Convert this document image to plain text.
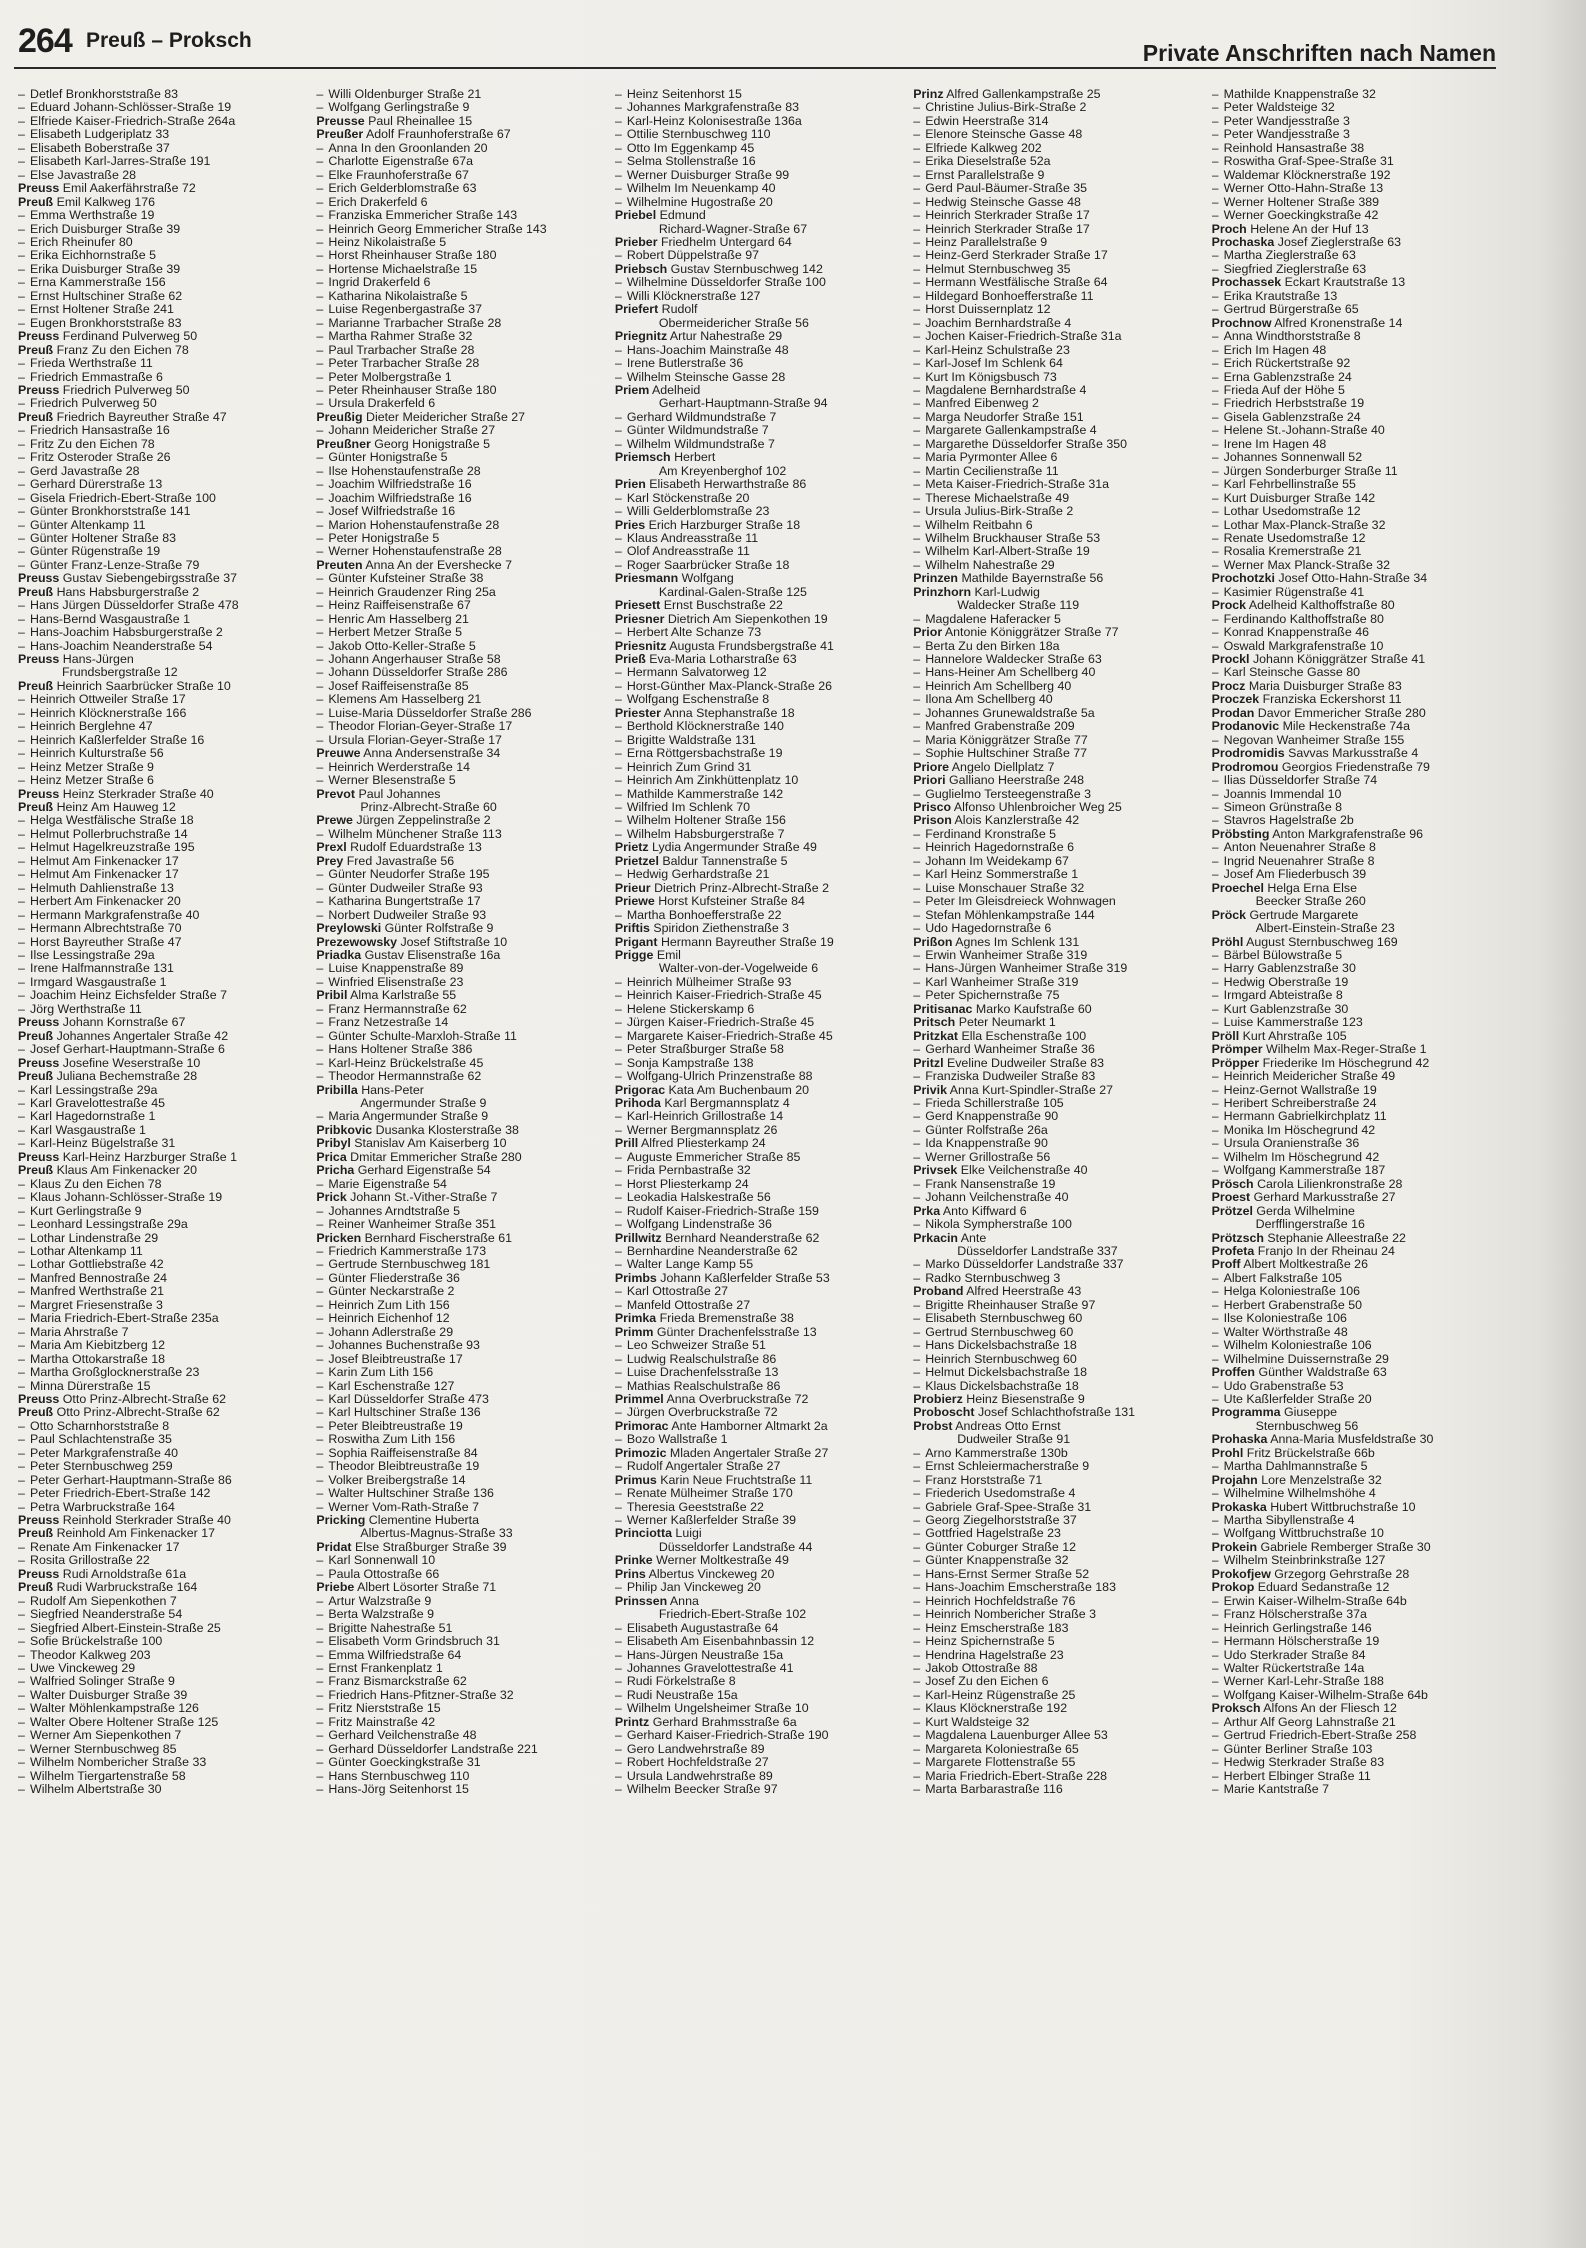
264 Preuß – Proksch	Private Anschriften nach Namen
– Detlef Bronkhorststraße 83
– Eduard Johann-Schlösser-Straße 19
– Elfriede Kaiser-Friedrich-Straße 264a
– Elisabeth Ludgeriplatz 33
– Elisabeth Boberstraße 37
– Elisabeth Karl-Jarres-Straße 191
– Else Javastraße 28
Preuss Emil Aakerfährstraße 72
Preuß Emil Kalkweg 176
– Emma Werthstraße 19
– Erich Duisburger Straße 39
– Erich Rheinufer 80
– Erika Eichhornstraße 5
– Erika Duisburger Straße 39
– Erna Kammerstraße 156
– Ernst Hultschiner Straße 62
– Ernst Holtener Straße 241
– Eugen Bronkhorststraße 83
Preuss Ferdinand Pulverweg 50
Preuß Franz Zu den Eichen 78
– Frieda Werthstraße 11
– Friedrich Emmastraße 6
Preuss Friedrich Pulverweg 50
– Friedrich Pulverweg 50
Preuß Friedrich Bayreuther Straße 47
– Friedrich Hansastraße 16
– Fritz Zu den Eichen 78
– Fritz Osteroder Straße 26
– Gerd Javastraße 28
– Gerhard Dürerstraße 13
– Gisela Friedrich-Ebert-Straße 100
– Günter Bronkhorststraße 141
– Günter Altenkamp 11
– Günter Holtener Straße 83
– Günter Rügenstraße 19
– Günter Franz-Lenze-Straße 79
Preuss Gustav Siebengebirgsstraße 37
Preuß Hans Habsburgerstraße 2
– Hans Jürgen Düsseldorfer Straße 478
– Hans-Bernd Wasgaustraße 1
– Hans-Joachim Habsburgerstraße 2
– Hans-Joachim Neanderstraße 54
Preuss Hans-Jürgen
Frundsbergstraße 12
Preuß Heinrich Saarbrücker Straße 10
– Heinrich Ottweiler Straße 17
– Heinrich Klöcknerstraße 166
– Heinrich Berglehne 47
– Heinrich Kaßlerfelder Straße 16
– Heinrich Kulturstraße 56
– Heinz Metzer Straße 9
– Heinz Metzer Straße 6
Preuss Heinz Sterkrader Straße 40
Preuß Heinz Am Hauweg 12
– Helga Westfälische Straße 18
– Helmut Pollerbruchstraße 14
– Helmut Hagelkreuzstraße 195
– Helmut Am Finkenacker 17
– Helmut Am Finkenacker 17
– Helmuth Dahlienstraße 13
– Herbert Am Finkenacker 20
– Hermann Markgrafenstraße 40
– Hermann Albrechtstraße 70
– Horst Bayreuther Straße 47
– Ilse Lessingstraße 29a
– Irene Halfmannstraße 131
– Irmgard Wasgaustraße 1
– Joachim Heinz Eichsfelder Straße 7
– Jörg Werthstraße 11
Preuss Johann Kornstraße 67
Preuß Johannes Angertaler Straße 42
– Josef Gerhart-Hauptmann-Straße 6
Preuss Josefine Weserstraße 10
Preuß Juliana Bechemstraße 28
– Karl Lessingstraße 29a
– Karl Gravelottestraße 45
– Karl Hagedornstraße 1
– Karl Wasgaustraße 1
– Karl-Heinz Bügelstraße 31
Preuss Karl-Heinz Harzburger Straße 1
Preuß Klaus Am Finkenacker 20
– Klaus Zu den Eichen 78
– Klaus Johann-Schlösser-Straße 19
– Kurt Gerlingstraße 9
– Leonhard Lessingstraße 29a
– Lothar Lindenstraße 29
– Lothar Altenkamp 11
– Lothar Gottliebstraße 42
– Manfred Bennostraße 24
– Manfred Werthstraße 21
– Margret Friesenstraße 3
– Maria Friedrich-Ebert-Straße 235a
– Maria Ahrstraße 7
– Maria Am Kiebitzberg 12
– Martha Ottokarstraße 18
– Martha Großglocknerstraße 23
– Minna Dürerstraße 15
Preuss Otto Prinz-Albrecht-Straße 62
Preuß Otto Prinz-Albrecht-Straße 62
– Otto Scharnhorststraße 8
– Paul Schlachtenstraße 35
– Peter Markgrafenstraße 40
– Peter Sternbuschweg 259
– Peter Gerhart-Hauptmann-Straße 86
– Peter Friedrich-Ebert-Straße 142
– Petra Warbruckstraße 164
Preuss Reinhold Sterkrader Straße 40
Preuß Reinhold Am Finkenacker 17
– Renate Am Finkenacker 17
– Rosita Grillostraße 22
Preuss Rudi Arnoldstraße 61a
Preuß Rudi Warbruckstraße 164
– Rudolf Am Siepenkothen 7
– Siegfried Neanderstraße 54
– Siegfried Albert-Einstein-Straße 25
– Sofie Brückelstraße 100
– Theodor Kalkweg 203
– Uwe Vinckeweg 29
– Walfried Solinger Straße 9
– Walter Duisburger Straße 39
– Walter Möhlenkampstraße 126
– Walter Obere Holtener Straße 125
– Werner Am Siepenkothen 7
– Werner Sternbuschweg 85
– Wilhelm Nombericher Straße 33
– Wilhelm Tiergartenstraße 58
– Wilhelm Albertstraße 30
– Willi Oldenburger Straße 21
– Wolfgang Gerlingstraße 9
Preusse Paul Rheinallee 15
Preußer Adolf Fraunhoferstraße 67
– Anna In den Groonlanden 20
– Charlotte Eigenstraße 67a
– Elke Fraunhoferstraße 67
– Erich Gelderblomstraße 63
– Erich Drakerfeld 6
– Franziska Emmericher Straße 143
– Heinrich Georg Emmericher Straße 143
– Heinz Nikolaistraße 5
– Horst Rheinhauser Straße 180
– Hortense Michaelstraße 15
– Ingrid Drakerfeld 6
– Katharina Nikolaistraße 5
– Luise Regenbergastraße 37
– Marianne Trarbacher Straße 28
– Martha Rahmer Straße 32
– Paul Trarbacher Straße 28
– Peter Trarbacher Straße 28
– Peter Molbergstraße 1
– Peter Rheinhauser Straße 180
– Ursula Drakerfeld 6
Preußig Dieter Meidericher Straße 27
– Johann Meidericher Straße 27
Preußner Georg Honigstraße 5
– Günter Honigstraße 5
– Ilse Hohenstaufenstraße 28
– Joachim Wilfriedstraße 16
– Joachim Wilfriedstraße 16
– Josef Wilfriedstraße 16
– Marion Hohenstaufenstraße 28
– Peter Honigstraße 5
– Werner Hohenstaufenstraße 28
Preuten Anna An der Evershecke 7
– Günter Kufsteiner Straße 38
– Heinrich Graudenzer Ring 25a
– Heinz Raiffeisenstraße 67
– Henric Am Hasselberg 21
– Herbert Metzer Straße 5
– Jakob Otto-Keller-Straße 5
– Johann Angerhauser Straße 58
– Johann Düsseldorfer Straße 286
– Josef Raiffeisenstraße 85
– Klemens Am Hasselberg 21
– Luise-Maria Düsseldorfer Straße 286
– Theodor Florian-Geyer-Straße 17
– Ursula Florian-Geyer-Straße 17
Preuwe Anna Andersenstraße 34
– Heinrich Werderstraße 14
– Werner Blesenstraße 5
Prevot Paul Johannes
Prinz-Albrecht-Straße 60
Prewe Jürgen Zeppelinstraße 2
– Wilhelm Münchener Straße 113
Prexl Rudolf Eduardstraße 13
Prey Fred Javastraße 56
– Günter Neudorfer Straße 195
– Günter Dudweiler Straße 93
– Katharina Bungertstraße 17
– Norbert Dudweiler Straße 93
Preylowski Günter Rolfstraße 9
Prezewowsky Josef Stiftstraße 10
Priadka Gustav Elisenstraße 16a
– Luise Knappenstraße 89
– Winfried Elisenstraße 23
Pribil Alma Karlstraße 55
– Franz Hermannstraße 62
– Franz Netzestraße 14
– Günter Schulte-Marxloh-Straße 11
– Hans Holtener Straße 386
– Karl-Heinz Brückelstraße 45
– Theodor Hermannstraße 62
Pribilla Hans-Peter
Angermunder Straße 9
– Maria Angermunder Straße 9
Pribkovic Dusanka Klosterstraße 38
Pribyl Stanislav Am Kaiserberg 10
Prica Dmitar Emmericher Straße 280
Pricha Gerhard Eigenstraße 54
– Marie Eigenstraße 54
Prick Johann St.-Vither-Straße 7
– Johannes Arndtstraße 5
– Reiner Wanheimer Straße 351
Pricken Bernhard Fischerstraße 61
– Friedrich Kammerstraße 173
– Gertrude Sternbuschweg 181
– Günter Fliederstraße 36
– Günter Neckarstraße 2
– Heinrich Zum Lith 156
– Heinrich Eichenhof 12
– Johann Adlerstraße 29
– Johannes Buchenstraße 93
– Josef Bleibtreustraße 17
– Karin Zum Lith 156
– Karl Eschenstraße 127
– Karl Düsseldorfer Straße 473
– Karl Hultschiner Straße 136
– Peter Bleibtreustraße 19
– Roswitha Zum Lith 156
– Sophia Raiffeisenstraße 84
– Theodor Bleibtreustraße 19
– Volker Breibergstraße 14
– Walter Hultschiner Straße 136
– Werner Vom-Rath-Straße 7
Pricking Clementine Huberta
Albertus-Magnus-Straße 33
Pridat Else Straßburger Straße 39
– Karl Sonnenwall 10
– Paula Ottostraße 66
Priebe Albert Lösorter Straße 71
– Artur Walzstraße 9
– Berta Walzstraße 9
– Brigitte Nahestraße 51
– Elisabeth Vorm Grindsbruch 31
– Emma Wilfriedstraße 64
– Ernst Frankenplatz 1
– Franz Bismarckstraße 62
– Friedrich Hans-Pfitzner-Straße 32
– Fritz Nierststraße 15
– Fritz Mainstraße 42
– Gerhard Veilchenstraße 48
– Gerhard Düsseldorfer Landstraße 221
– Günter Goeckingkstraße 31
– Hans Sternbuschweg 110
– Hans-Jörg Seitenhorst 15
– Heinz Seitenhorst 15
– Johannes Markgrafenstraße 83
– Karl-Heinz Kolonisestraße 136a
– Ottilie Sternbuschweg 110
– Otto Im Eggenkamp 45
– Selma Stollenstraße 16
– Werner Duisburger Straße 99
– Wilhelm Im Neuenkamp 40
– Wilhelmine Hugostraße 20
Priebel Edmund
Richard-Wagner-Straße 67
Prieber Friedhelm Untergard 64
– Robert Düppelstraße 97
Priebsch Gustav Sternbuschweg 142
– Wilhelmine Düsseldorfer Straße 100
– Willi Klöcknerstraße 127
Priefert Rudolf
Obermeidericher Straße 56
Priegnitz Artur Nahestraße 29
– Hans-Joachim Mainstraße 48
– Irene Butlerstraße 36
– Wilhelm Steinsche Gasse 28
Priem Adelheid
Gerhart-Hauptmann-Straße 94
– Gerhard Wildmundstraße 7
– Günter Wildmundstraße 7
– Wilhelm Wildmundstraße 7
Priemsch Herbert
Am Kreyenberghof 102
Prien Elisabeth Herwarthstraße 86
– Karl Stöckenstraße 20
– Willi Gelderblomstraße 23
Pries Erich Harzburger Straße 18
– Klaus Andreasstraße 11
– Olof Andreasstraße 11
– Roger Saarbrücker Straße 18
Priesmann Wolfgang
Kardinal-Galen-Straße 125
Priesett Ernst Buschstraße 22
Priesner Dietrich Am Siepenkothen 19
– Herbert Alte Schanze 73
Priesnitz Augusta Frundsbergstraße 41
Prieß Eva-Maria Lotharstraße 63
– Hermann Salvatorweg 12
– Horst-Günther Max-Planck-Straße 26
– Wolfgang Eschenstraße 8
Priester Anna Stephanstraße 18
– Berthold Klöcknerstraße 140
– Brigitte Waldstraße 131
– Erna Röttgersbachstraße 19
– Heinrich Zum Grind 31
– Heinrich Am Zinkhüttenplatz 10
– Mathilde Kammerstraße 142
– Wilfried Im Schlenk 70
– Wilhelm Holtener Straße 156
– Wilhelm Habsburgerstraße 7
Prietz Lydia Angermunder Straße 49
Prietzel Baldur Tannenstraße 5
– Hedwig Gerhardstraße 21
Prieur Dietrich Prinz-Albrecht-Straße 2
Priewe Horst Kufsteiner Straße 84
– Martha Bonhoefferstraße 22
Priftis Spiridon Ziethenstraße 3
Prigant Hermann Bayreuther Straße 19
Prigge Emil
Walter-von-der-Vogelweide 6
– Heinrich Mülheimer Straße 93
– Heinrich Kaiser-Friedrich-Straße 45
– Helene Stickerskamp 6
– Jürgen Kaiser-Friedrich-Straße 45
– Margarete Kaiser-Friedrich-Straße 45
– Peter Straßburger Straße 58
– Sonja Kampstraße 138
– Wolfgang-Ulrich Prinzenstraße 88
Prigorac Kata Am Buchenbaum 20
Prihoda Karl Bergmannsplatz 4
– Karl-Heinrich Grillostraße 14
– Werner Bergmannsplatz 26
Prill Alfred Pliesterkamp 24
– Auguste Emmericher Straße 85
– Frida Pernbastraße 32
– Horst Pliesterkamp 24
– Leokadia Halskestraße 56
– Rudolf Kaiser-Friedrich-Straße 159
– Wolfgang Lindenstraße 36
Prillwitz Bernhard Neanderstraße 62
– Bernhardine Neanderstraße 62
– Walter Lange Kamp 55
Primbs Johann Kaßlerfelder Straße 53
– Karl Ottostraße 27
– Manfeld Ottostraße 27
Primka Frieda Bremenstraße 38
Primm Günter Drachenfelsstraße 13
– Leo Schweizer Straße 51
– Ludwig Realschulstraße 86
– Luise Drachenfelsstraße 13
– Mathias Realschulstraße 86
Primmel Anna Overbruckstraße 72
– Jürgen Overbruckstraße 72
Primorac Ante Hamborner Altmarkt 2a
– Bozo Wallstraße 1
Primozic Mladen Angertaler Straße 27
– Rudolf Angertaler Straße 27
Primus Karin Neue Fruchtstraße 11
– Renate Mülheimer Straße 170
– Theresia Geeststraße 22
– Werner Kaßlerfelder Straße 39
Princiotta Luigi
Düsseldorfer Landstraße 44
Prinke Werner Moltkestraße 49
Prins Albertus Vinckeweg 20
– Philip Jan Vinckeweg 20
Prinssen Anna
Friedrich-Ebert-Straße 102
– Elisabeth Augustastraße 64
– Elisabeth Am Eisenbahnbassin 12
– Hans-Jürgen Neustraße 15a
– Johannes Gravelottestraße 41
– Rudi Förkelstraße 8
– Rudi Neustraße 15a
– Wilhelm Ungelsheimer Straße 10
Printz Gerhard Brahmsstraße 6a
– Gerhard Kaiser-Friedrich-Straße 190
– Gero Landwehrstraße 89
– Robert Hochfeldstraße 27
– Ursula Landwehrstraße 89
– Wilhelm Beecker Straße 97
Prinz Alfred Gallenkampstraße 25
– Christine Julius-Birk-Straße 2
– Edwin Heerstraße 314
– Elenore Steinsche Gasse 48
– Elfriede Kalkweg 202
– Erika Dieselstraße 52a
– Ernst Parallelstraße 9
– Gerd Paul-Bäumer-Straße 35
– Hedwig Steinsche Gasse 48
– Heinrich Sterkrader Straße 17
– Heinrich Sterkrader Straße 17
– Heinz Parallelstraße 9
– Heinz-Gerd Sterkrader Straße 17
– Helmut Sternbuschweg 35
– Hermann Westfälische Straße 64
– Hildegard Bonhoefferstraße 11
– Horst Duissernplatz 12
– Joachim Bernhardstraße 4
– Jochen Kaiser-Friedrich-Straße 31a
– Karl-Heinz Schulstraße 23
– Karl-Josef Im Schlenk 64
– Kurt Im Königsbusch 73
– Magdalene Bernhardstraße 4
– Manfred Eibenweg 2
– Marga Neudorfer Straße 151
– Margarete Gallenkampstraße 4
– Margarethe Düsseldorfer Straße 350
– Maria Pyrmonter Allee 6
– Martin Cecilienstraße 11
– Meta Kaiser-Friedrich-Straße 31a
– Therese Michaelstraße 49
– Ursula Julius-Birk-Straße 2
– Wilhelm Reitbahn 6
– Wilhelm Bruckhauser Straße 53
– Wilhelm Karl-Albert-Straße 19
– Wilhelm Nahestraße 29
Prinzen Mathilde Bayernstraße 56
Prinzhorn Karl-Ludwig
Waldecker Straße 119
– Magdalene Haferacker 5
Prior Antonie Königgrätzer Straße 77
– Berta Zu den Birken 18a
– Hannelore Waldecker Straße 63
– Hans-Heiner Am Schellberg 40
– Heinrich Am Schellberg 40
– Ilona Am Schellberg 40
– Johannes Grunewaldstraße 5a
– Manfred Grabenstraße 209
– Maria Königgrätzer Straße 77
– Sophie Hultschiner Straße 77
Priore Angelo Diellplatz 7
Priori Galliano Heerstraße 248
– Guglielmo Tersteegenstraße 3
Prisco Alfonso Uhlenbroicher Weg 25
Prison Alois Kanzlerstraße 42
– Ferdinand Kronstraße 5
– Heinrich Hagedornstraße 6
– Johann Im Weidekamp 67
– Karl Heinz Sommerstraße 1
– Luise Monschauer Straße 32
– Peter Im Gleisdreieck Wohnwagen
– Stefan Möhlenkampstraße 144
– Udo Hagedornstraße 6
Prißon Agnes Im Schlenk 131
– Erwin Wanheimer Straße 319
– Hans-Jürgen Wanheimer Straße 319
– Karl Wanheimer Straße 319
– Peter Spichernstraße 75
Pritisanac Marko Kaufstraße 60
Pritsch Peter Neumarkt 1
Pritzkat Ella Eschenstraße 100
– Gerhard Wanheimer Straße 36
Pritzl Eveline Dudweiler Straße 83
– Franziska Dudweiler Straße 83
Privik Anna Kurt-Spindler-Straße 27
– Frieda Schillerstraße 105
– Gerd Knappenstraße 90
– Günter Rolfstraße 26a
– Ida Knappenstraße 90
– Werner Grillostraße 56
Privsek Elke Veilchenstraße 40
– Frank Nansenstraße 19
– Johann Veilchenstraße 40
Prka Anto Kiffward 6
– Nikola Sympherstraße 100
Prkacin Ante
Düsseldorfer Landstraße 337
– Marko Düsseldorfer Landstraße 337
– Radko Sternbuschweg 3
Proband Alfred Heerstraße 43
– Brigitte Rheinhauser Straße 97
– Elisabeth Sternbuschweg 60
– Gertrud Sternbuschweg 60
– Hans Dickelsbachstraße 18
– Heinrich Sternbuschweg 60
– Helmut Dickelsbachstraße 18
– Klaus Dickelsbachstraße 18
Probierz Heinz Biesenstraße 9
Proboscht Josef Schlachthofstraße 131
Probst Andreas Otto Ernst
Dudweiler Straße 91
– Arno Kammerstraße 130b
– Ernst Schleiermacherstraße 9
– Franz Horststraße 71
– Friederich Usedomstraße 4
– Gabriele Graf-Spee-Straße 31
– Georg Ziegelhorststraße 37
– Gottfried Hagelstraße 23
– Günter Coburger Straße 12
– Günter Knappenstraße 32
– Hans-Ernst Sermer Straße 52
– Hans-Joachim Emscherstraße 183
– Heinrich Hochfeldstraße 76
– Heinrich Nombericher Straße 3
– Heinz Emscherstraße 183
– Heinz Spichernstraße 5
– Hendrina Hagelstraße 23
– Jakob Ottostraße 88
– Josef Zu den Eichen 6
– Karl-Heinz Rügenstraße 25
– Klaus Klöcknerstraße 192
– Kurt Waldsteige 32
– Magdalena Lauenburger Allee 53
– Margareta Koloniestraße 65
– Margarete Flottenstraße 55
– Maria Friedrich-Ebert-Straße 228
– Marta Barbarastraße 116
– Mathilde Knappenstraße 32
– Peter Waldsteige 32
– Peter Wandjesstraße 3
– Peter Wandjesstraße 3
– Reinhold Hansastraße 38
– Roswitha Graf-Spee-Straße 31
– Waldemar Klöcknerstraße 192
– Werner Otto-Hahn-Straße 13
– Werner Holtener Straße 389
– Werner Goeckingkstraße 42
Proch Helene An der Huf 13
Prochaska Josef Zieglerstraße 63
– Martha Zieglerstraße 63
– Siegfried Zieglerstraße 63
Prochassek Eckart Krautstraße 13
– Erika Krautstraße 13
– Gertrud Bürgerstraße 65
Prochnow Alfred Kronenstraße 14
– Anna Windthorststraße 8
– Erich Im Hagen 48
– Erich Rückertstraße 92
– Erna Gablenzstraße 24
– Frieda Auf der Höhe 5
– Friedrich Herbststraße 19
– Gisela Gablenzstraße 24
– Helene St.-Johann-Straße 40
– Irene Im Hagen 48
– Johannes Sonnenwall 52
– Jürgen Sonderburger Straße 11
– Karl Fehrbellinstraße 55
– Kurt Duisburger Straße 142
– Lothar Usedomstraße 12
– Lothar Max-Planck-Straße 32
– Renate Usedomstraße 12
– Rosalia Kremerstraße 21
– Werner Max Planck-Straße 32
Prochotzki Josef Otto-Hahn-Straße 34
– Kasimier Rügenstraße 41
Prock Adelheid Kalthoffstraße 80
– Ferdinando Kalthoffstraße 80
– Konrad Knappenstraße 46
– Oswald Markgrafenstraße 10
Prockl Johann Königgrätzer Straße 41
– Karl Steinsche Gasse 80
Procz Maria Duisburger Straße 83
Proczek Franziska Eckershorst 11
Prodan Davor Emmericher Straße 280
Prodanovic Mile Heckenstraße 74a
– Negovan Wanheimer Straße 155
Prodromidis Savvas Markusstraße 4
Prodromou Georgios Friedenstraße 79
– Ilias Düsseldorfer Straße 74
– Joannis Immendal 10
– Simeon Grünstraße 8
– Stavros Hagelstraße 2b
Pröbsting Anton Markgrafenstraße 96
– Anton Neuenahrer Straße 8
– Ingrid Neuenahrer Straße 8
– Josef Am Fliederbusch 39
Proechel Helga Erna Else
Beecker Straße 260
Pröck Gertrude Margarete
Albert-Einstein-Straße 23
Pröhl August Sternbuschweg 169
– Bärbel Bülowstraße 5
– Harry Gablenzstraße 30
– Hedwig Oberstraße 19
– Irmgard Abteistraße 8
– Kurt Gablenzstraße 30
– Luise Kammerstraße 123
Pröll Kurt Ahrstraße 105
Prömper Wilhelm Max-Reger-Straße 1
Pröpper Friederike Im Höschegrund 42
– Heinrich Meidericher Straße 49
– Heinz-Gernot Wallstraße 19
– Heribert Schreiberstraße 24
– Hermann Gabrielkirchplatz 11
– Monika Im Höschegrund 42
– Ursula Oranienstraße 36
– Wilhelm Im Höschegrund 42
– Wolfgang Kammerstraße 187
Prösch Carola Lilienkronstraße 28
Proest Gerhard Markusstraße 27
Prötzel Gerda Wilhelmine
Derfflingerstraße 16
Prötzsch Stephanie Alleestraße 22
Profeta Franjo In der Rheinau 24
Proff Albert Moltkestraße 26
– Albert Falkstraße 105
– Helga Koloniestraße 106
– Herbert Grabenstraße 50
– Ilse Koloniestraße 106
– Walter Wörthstraße 48
– Wilhelm Koloniestraße 106
– Wilhelmine Duissernstraße 29
Proffen Günther Waldstraße 63
– Udo Grabenstraße 53
– Ute Kaßlerfelder Straße 20
Programma Giuseppe
Sternbuschweg 56
Prohaska Anna-Maria Musfeldstraße 30
Prohl Fritz Brückelstraße 66b
– Martha Dahlmannstraße 5
Projahn Lore Menzelstraße 32
– Wilhelmine Wilhelmshöhe 4
Prokaska Hubert Wittbruchstraße 10
– Martha Sibyllenstraße 4
– Wolfgang Wittbruchstraße 10
Prokein Gabriele Remberger Straße 30
– Wilhelm Steinbrinkstraße 127
Prokofjew Grzegorg Gehrstraße 28
Prokop Eduard Sedanstraße 12
– Erwin Kaiser-Wilhelm-Straße 64b
– Franz Hölscherstraße 37a
– Heinrich Gerlingstraße 146
– Hermann Hölscherstraße 19
– Udo Sterkrader Straße 84
– Walter Rückertstraße 14a
– Werner Karl-Lehr-Straße 188
– Wolfgang Kaiser-Wilhelm-Straße 64b
Proksch Alfons An der Fliesch 12
– Arthur Alf Georg Lahnstraße 21
– Gertrud Friedrich-Ebert-Straße 258
– Günter Berliner Straße 103
– Hedwig Sterkrader Straße 83
– Herbert Elbinger Straße 11
– Marie Kantstraße 7
